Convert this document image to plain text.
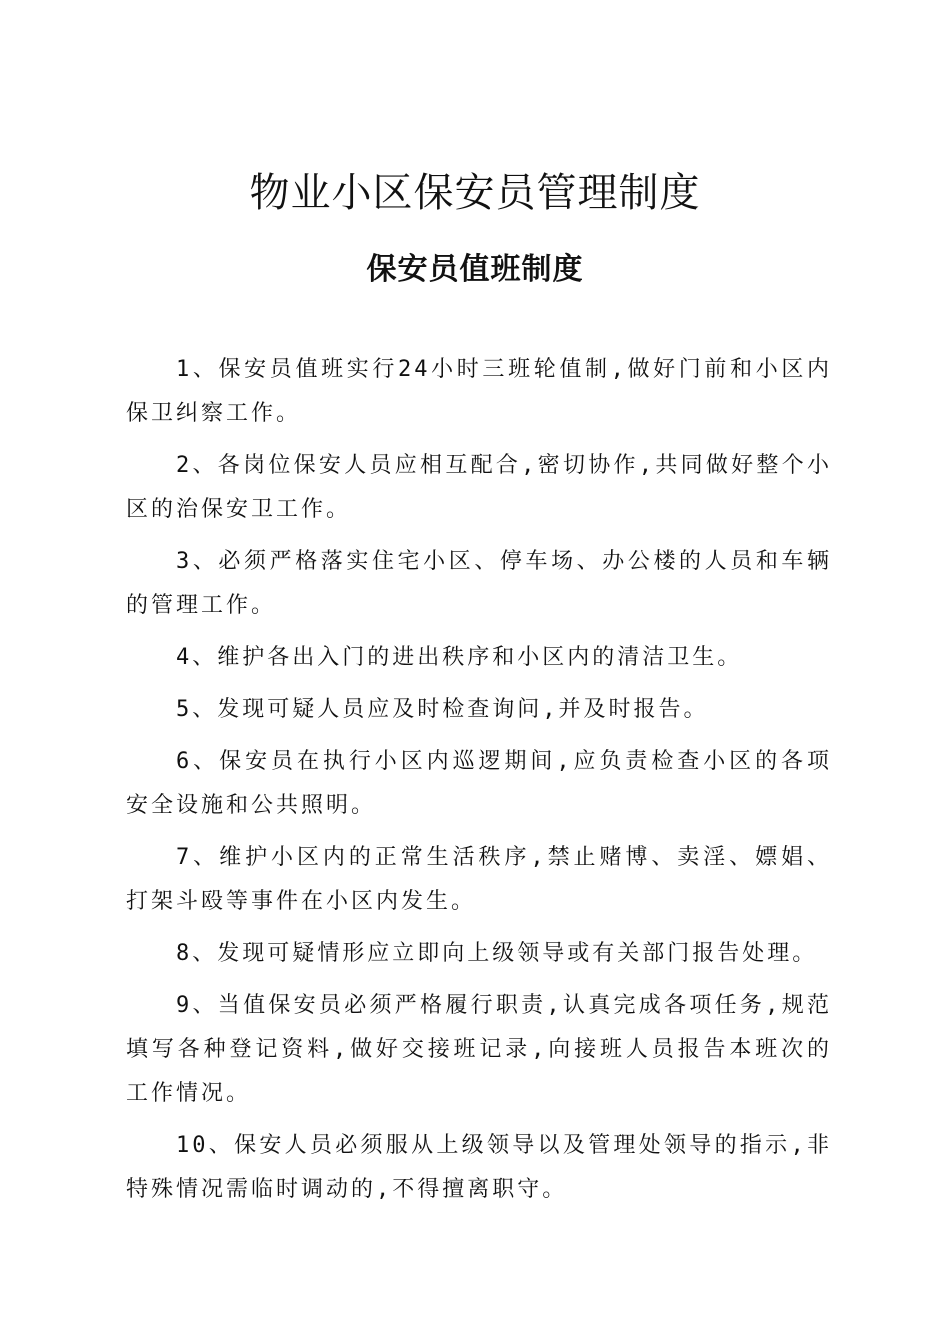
物业小区保安员管理制度
保安员值班制度

1、保安员值班实行24小时三班轮值制,做好门前和小区内保卫纠察工作。

2、各岗位保安人员应相互配合,密切协作,共同做好整个小区的治保安卫工作。

3、必须严格落实住宅小区、停车场、办公楼的人员和车辆的管理工作。

4、维护各出入门的进出秩序和小区内的清洁卫生。

5、发现可疑人员应及时检查询问,并及时报告。

6、保安员在执行小区内巡逻期间,应负责检查小区的各项安全设施和公共照明。

7、维护小区内的正常生活秩序,禁止赌博、卖淫、嫖娼、打架斗殴等事件在小区内发生。

8、发现可疑情形应立即向上级领导或有关部门报告处理。

9、当值保安员必须严格履行职责,认真完成各项任务,规范填写各种登记资料,做好交接班记录,向接班人员报告本班次的工作情况。

10、保安人员必须服从上级领导以及管理处领导的指示,非特殊情况需临时调动的,不得擅离职守。
